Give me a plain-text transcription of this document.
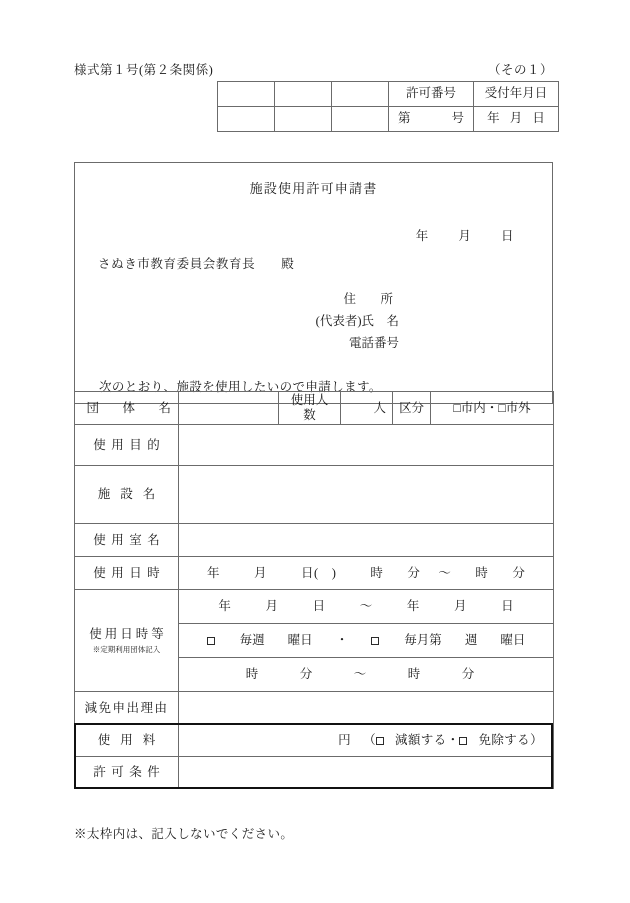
様式第１号(第２条関係)	（その１）
			許可番号	受付年月日

			第 号	年 月 日
施設使用許可申請書
年 月 日
さぬき市教育委員会教育長 殿
住　所
(代表者)氏　名
電話番号
次のとおり、施設を使用したいので申請します。
団　体　名		使用人数	人	区分	□市内・□市外
使用目的					
施設名					
使用室名					
使用日時	年	月	日(　)	時 分 ～ 時 分

使用日時等
※定期利用団体記入

年	月	日	～	年	月	日

毎週 曜日 ・	毎月第 週 曜日

	時 分 ～ 時 分				

減免申出理由					
使用料	円 （ 減額する・ 免除する）				

許可条件					
※太枠内は、記入しないでください。
